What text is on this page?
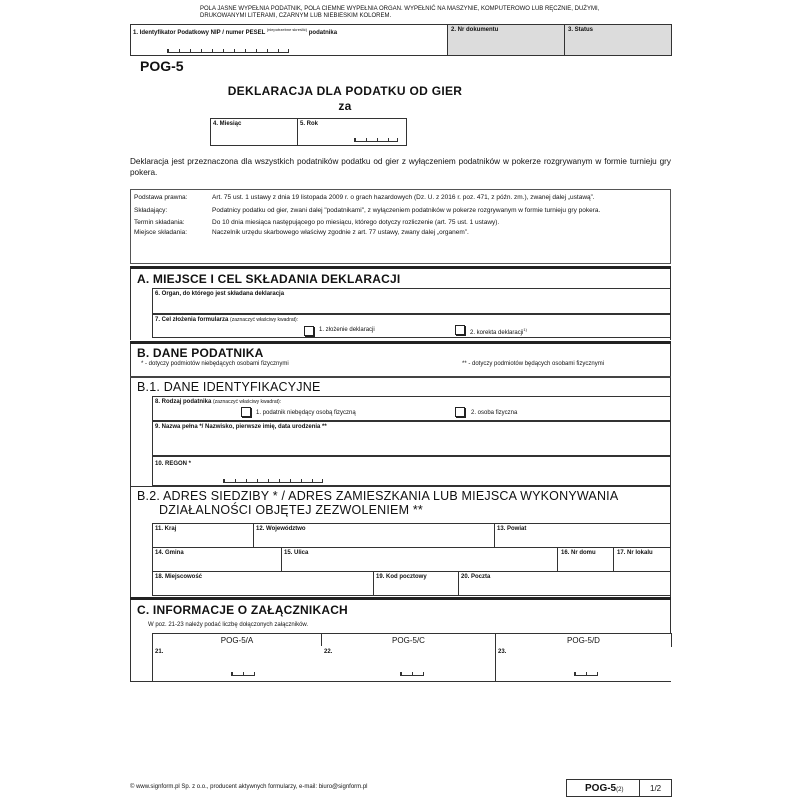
POLA JASNE WYPEŁNIA PODATNIK, POLA CIEMNE WYPEŁNIA ORGAN. WYPEŁNIĆ NA MASZYNIE, KOMPUTEROWO LUB RĘCZNIE, DUŻYMI,
DRUKOWANYMI LITERAMI, CZARNYM LUB NIEBIESKIM KOLOREM.
1. Identyfikator Podatkowy NIP / numer PESEL $^{(niepotrzebne skreślić)}$ podatnika	2. Nr dokumentu	3. Status
POG-5
DEKLARACJA DLA PODATKU OD GIER
za
4. Miesiąc	5. Rok
Deklaracja jest przeznaczona dla wszystkich podatników podatku od gier z wyłączeniem podatników w pokerze rozgrywanym w formie turnieju gry pokera.
Podstawa prawna:	Art. 75 ust. 1 ustawy z dnia 19 listopada 2009 r. o grach hazardowych (Dz. U. z 2016 r. poz. 471, z późn. zm.), zwanej dalej „ustawą”.
Składający:	Podatnicy podatku od gier, zwani dalej "podatnikami", z wyłączeniem podatników w pokerze rozgrywanym w formie turnieju gry pokera.
Termin składania:	Do 10 dnia miesiąca następującego po miesiącu, którego dotyczy rozliczenie (art. 75 ust. 1 ustawy).
Miejsce składania:	Naczelnik urzędu skarbowego właściwy zgodnie z art. 77 ustawy, zwany dalej „organem”.
A. MIEJSCE I CEL SKŁADANIA DEKLARACJI
6. Organ, do którego jest składana deklaracja
7. Cel złożenia formularza (zaznaczyć właściwy kwadrat):
1. złożenie deklaracji	2. korekta deklaracji$^{1)}$
B. DANE PODATNIKA
* - dotyczy podmiotów niebędących osobami fizycznymi	** - dotyczy podmiotów będących osobami fizycznymi
B.1. DANE IDENTYFIKACYJNE
8. Rodzaj podatnika (zaznaczyć właściwy kwadrat):
1. podatnik niebędący osobą fizyczną	2. osoba fizyczna
9. Nazwa pełna */ Nazwisko, pierwsze imię, data urodzenia **
10. REGON *
B.2. ADRES SIEDZIBY * / ADRES ZAMIESZKANIA LUB MIEJSCA WYKONYWANIA
DZIAŁALNOŚCI OBJĘTEJ ZEZWOLENIEM **
11. Kraj	12. Województwo	13. Powiat
14. Gmina	15. Ulica	16. Nr domu	17. Nr lokalu
18. Miejscowość	19. Kod pocztowy	20. Poczta
C. INFORMACJE O ZAŁĄCZNIKACH
W poz. 21-23 należy podać liczbę dołączonych załączników.
POG-5/A	POG-5/C	POG-5/D
21.	22.	23.
© www.signform.pl Sp. z o.o., producent aktywnych formularzy, e-mail: biuro@signform.pl	POG-5(2)	1/2
